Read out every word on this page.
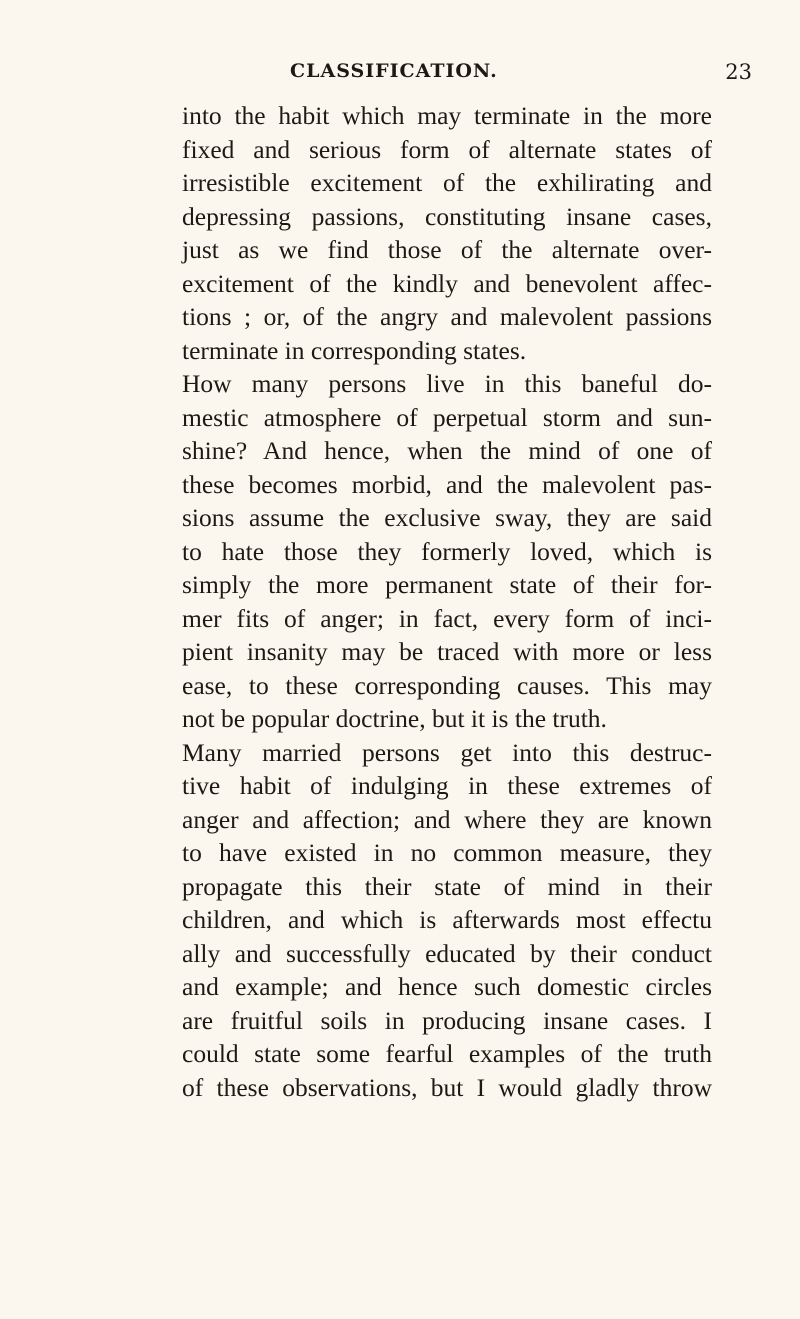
CLASSIFICATION.	23
into the habit which may terminate in the more
fixed and serious form of alternate states of
irresistible excitement of the exhilirating and
depressing passions, constituting insane cases,
just as we find those of the alternate over-
excitement of the kindly and benevolent affec-
tions ; or, of the angry and malevolent passions
terminate in corresponding states.
How many persons live in this baneful do-
mestic atmosphere of perpetual storm and sun-
shine? And hence, when the mind of one of
these becomes morbid, and the malevolent pas-
sions assume the exclusive sway, they are said
to hate those they formerly loved, which is
simply the more permanent state of their for-
mer fits of anger; in fact, every form of inci-
pient insanity may be traced with more or less
ease, to these corresponding causes. This may
not be popular doctrine, but it is the truth.
Many married persons get into this destruc-
tive habit of indulging in these extremes of
anger and affection; and where they are known
to have existed in no common measure, they
propagate this their state of mind in their
children, and which is afterwards most effectu
ally and successfully educated by their conduct
and example; and hence such domestic circles
are fruitful soils in producing insane cases. I
could state some fearful examples of the truth
of these observations, but I would gladly throw
